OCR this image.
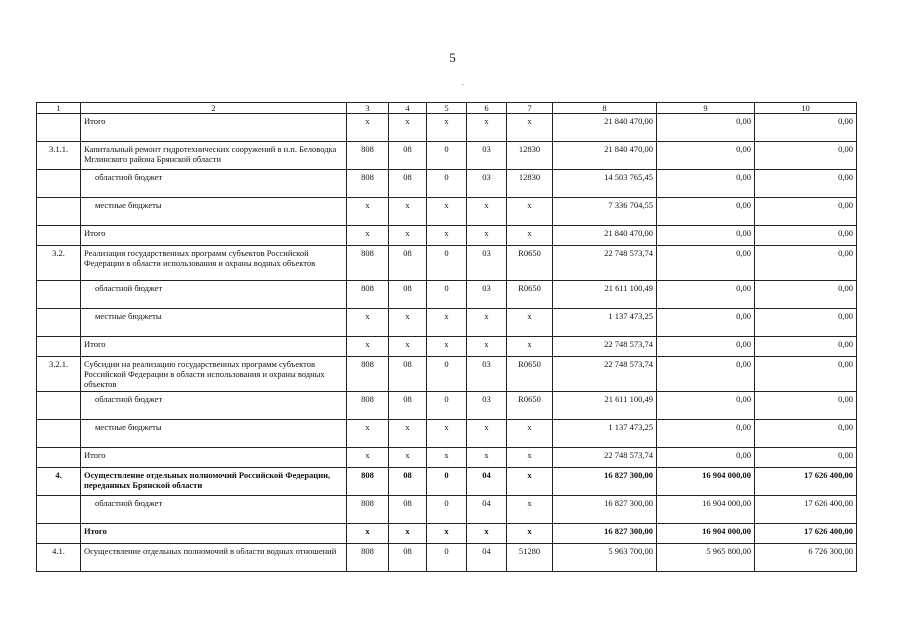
5
1	2	3	4	5	6	7	8	9	10
	Итого	x	x	x	x	x	21 840 470,00	0,00	0,00
3.1.1.	Капитальный ремонт гидротехнических сооружений в н.п. Беловодка Мглинского района Брянской области	808	08	0	03	12830	21 840 470,00	0,00	0,00
	областной бюджет	808	08	0	03	12830	14 503 765,45	0,00	0,00
	местные бюджеты	x	x	x	x	x	7 336 704,55	0,00	0,00
	Итого	x	x	x	x	x	21 840 470,00	0,00	0,00
3.2.	Реализация государственных программ субъектов Российской Федерации в области использования и охраны водных объектов	808	08	0	03	R0650	22 748 573,74	0,00	0,00
	областной бюджет	808	08	0	03	R0650	21 611 100,49	0,00	0,00
	местные бюджеты	x	x	x	x	x	1 137 473,25	0,00	0,00
	Итого	x	x	x	x	x	22 748 573,74	0,00	0,00
3.2.1.	Субсидии на реализацию государственных программ субъектов Российской Федерации в области использования и охраны водных объектов	808	08	0	03	R0650	22 748 573,74	0,00	0,00
	областной бюджет	808	08	0	03	R0650	21 611 100,49	0,00	0,00
	местные бюджеты	x	x	x	x	x	1 137 473,25	0,00	0,00
	Итого	x	x	x	x	x	22 748 573,74	0,00	0,00
4.	Осуществление отдельных полномочий Российской Федерации, переданных Брянской области	808	08	0	04	x	16 827 300,00	16 904 000,00	17 626 400,00
	областной бюджет	808	08	0	04	x	16 827 300,00	16 904 000,00	17 626 400,00
	Итого	x	x	x	x	x	16 827 300,00	16 904 000,00	17 626 400,00
4.1.	Осуществление отдельных полномочий в области водных отношений	808	08	0	04	51280	5 963 700,00	5 965 800,00	6 726 300,00
